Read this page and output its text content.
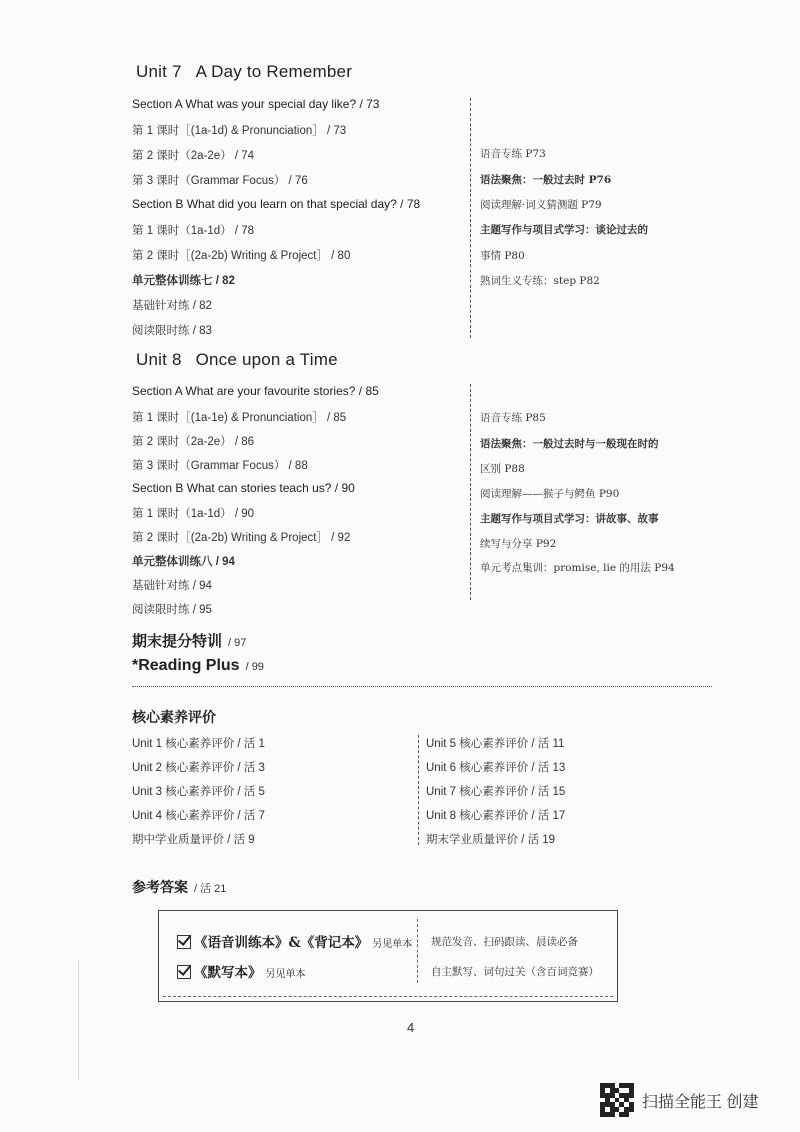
Unit 7 A Day to Remember
Section A What was your special day like? / 73
第 1 课时［(1a-1d) & Pronunciation］ / 73
第 2 课时（2a-2e） / 74
第 3 课时（Grammar Focus） / 76
Section B What did you learn on that special day? / 78
第 1 课时（1a-1d） / 78
第 2 课时［(2a-2b) Writing & Project］ / 80
单元整体训练七 / 82
基础针对练 / 82
阅读限时练 / 83
语音专练 P73
语法聚焦：一般过去时 P76
阅读理解·词义猜测题 P79
主题写作与项目式学习：谈论过去的
事情 P80
熟词生义专练：step P82
Unit 8 Once upon a Time
Section A What are your favourite stories? / 85
第 1 课时［(1a-1e) & Pronunciation］ / 85
第 2 课时（2a-2e） / 86
第 3 课时（Grammar Focus） / 88
Section B What can stories teach us? / 90
第 1 课时（1a-1d） / 90
第 2 课时［(2a-2b) Writing & Project］ / 92
单元整体训练八 / 94
基础针对练 / 94
阅读限时练 / 95
语音专练 P85
语法聚焦：一般过去时与一般现在时的
区别 P88
阅读理解——猴子与鳄鱼 P90
主题写作与项目式学习：讲故事、故事
续写与分享 P92
单元考点集训：promise, lie 的用法 P94
期末提分特训 / 97
*Reading Plus / 99
核心素养评价
Unit 1 核心素养评价 / 活 1
Unit 2 核心素养评价 / 活 3
Unit 3 核心素养评价 / 活 5
Unit 4 核心素养评价 / 活 7
期中学业质量评价 / 活 9
Unit 5 核心素养评价 / 活 11
Unit 6 核心素养评价 / 活 13
Unit 7 核心素养评价 / 活 15
Unit 8 核心素养评价 / 活 17
期末学业质量评价 / 活 19
参考答案 / 活 21
《语音训练本》&《背记本》 另见单本 规范发音、扫码跟读、晨读必备
《默写本》 另见单本	自主默写、词句过关（含百词竞赛）
4
扫描全能王 创建
